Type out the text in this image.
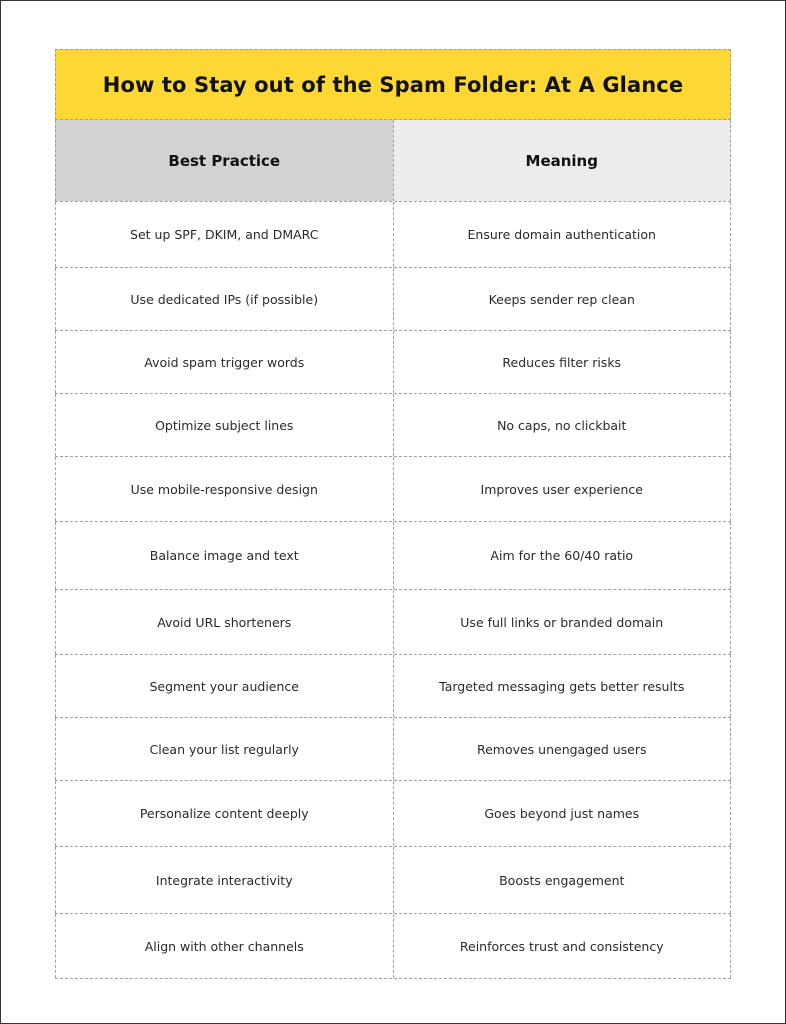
How to Stay out of the Spam Folder: At A Glance
Best Practice	Meaning
Set up SPF, DKIM, and DMARC	Ensure domain authentication
Use dedicated IPs (if possible)	Keeps sender rep clean
Avoid spam trigger words	Reduces filter risks
Optimize subject lines	No caps, no clickbait
Use mobile-responsive design	Improves user experience
Balance image and text	Aim for the 60/40 ratio
Avoid URL shorteners	Use full links or branded domain
Segment your audience	Targeted messaging gets better results
Clean your list regularly	Removes unengaged users
Personalize content deeply	Goes beyond just names
Integrate interactivity	Boosts engagement
Align with other channels	Reinforces trust and consistency
